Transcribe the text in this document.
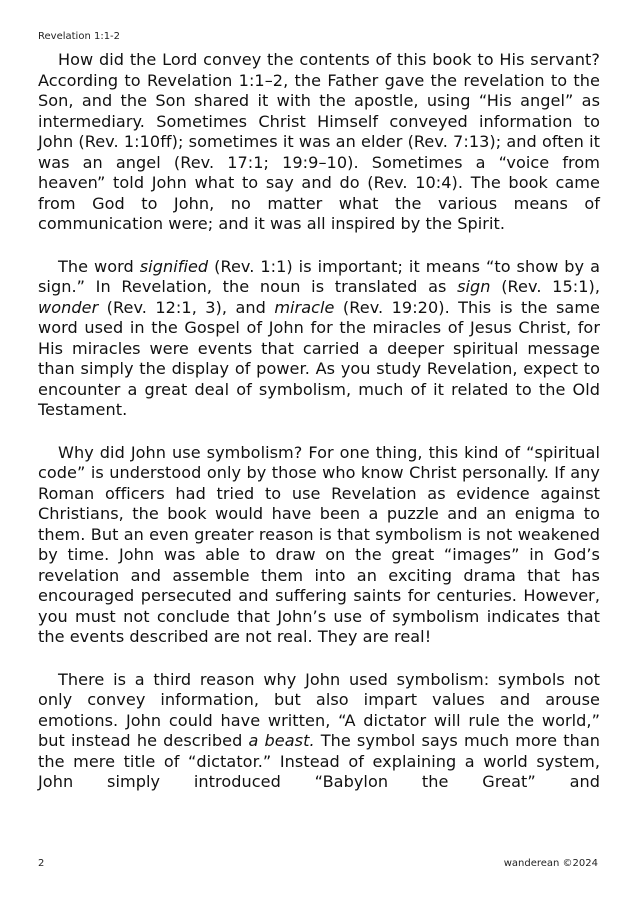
Revelation 1:1-2

How did the Lord convey the contents of this book to His servant? According to Revelation 1:1–2, the Father gave the revelation to the Son, and the Son shared it with the apostle, using “His angel” as intermediary. Sometimes Christ Himself conveyed information to John (Rev. 1:10ff); sometimes it was an elder (Rev. 7:13); and often it was an angel (Rev. 17:1; 19:9–10). Sometimes a “voice from heaven” told John what to say and do (Rev. 10:4). The book came from God to John, no matter what the various means of communication were; and it was all inspired by the Spirit.

The word signified (Rev. 1:1) is important; it means “to show by a sign.” In Revelation, the noun is translated as sign (Rev. 15:1), wonder (Rev. 12:1, 3), and miracle (Rev. 19:20). This is the same word used in the Gospel of John for the miracles of Jesus Christ, for His miracles were events that carried a deeper spiritual message than simply the display of power. As you study Revelation, expect to encounter a great deal of symbolism, much of it related to the Old Testament.

Why did John use symbolism? For one thing, this kind of “spiritual code” is understood only by those who know Christ personally. If any Roman officers had tried to use Revelation as evidence against Christians, the book would have been a puzzle and an enigma to them. But an even greater reason is that symbolism is not weakened by time. John was able to draw on the great “images” in God’s revelation and assemble them into an exciting drama that has encouraged persecuted and suffering saints for centuries. However, you must not conclude that John’s use of symbolism indicates that the events described are not real. They are real!

There is a third reason why John used symbolism: symbols not only convey information, but also impart values and arouse emotions. John could have written, “A dictator will rule the world,” but instead he described a beast. The symbol says much more than the mere title of “dictator.” Instead of explaining a world system, John simply introduced “Babylon the Great” and

2	wanderean ©2024
